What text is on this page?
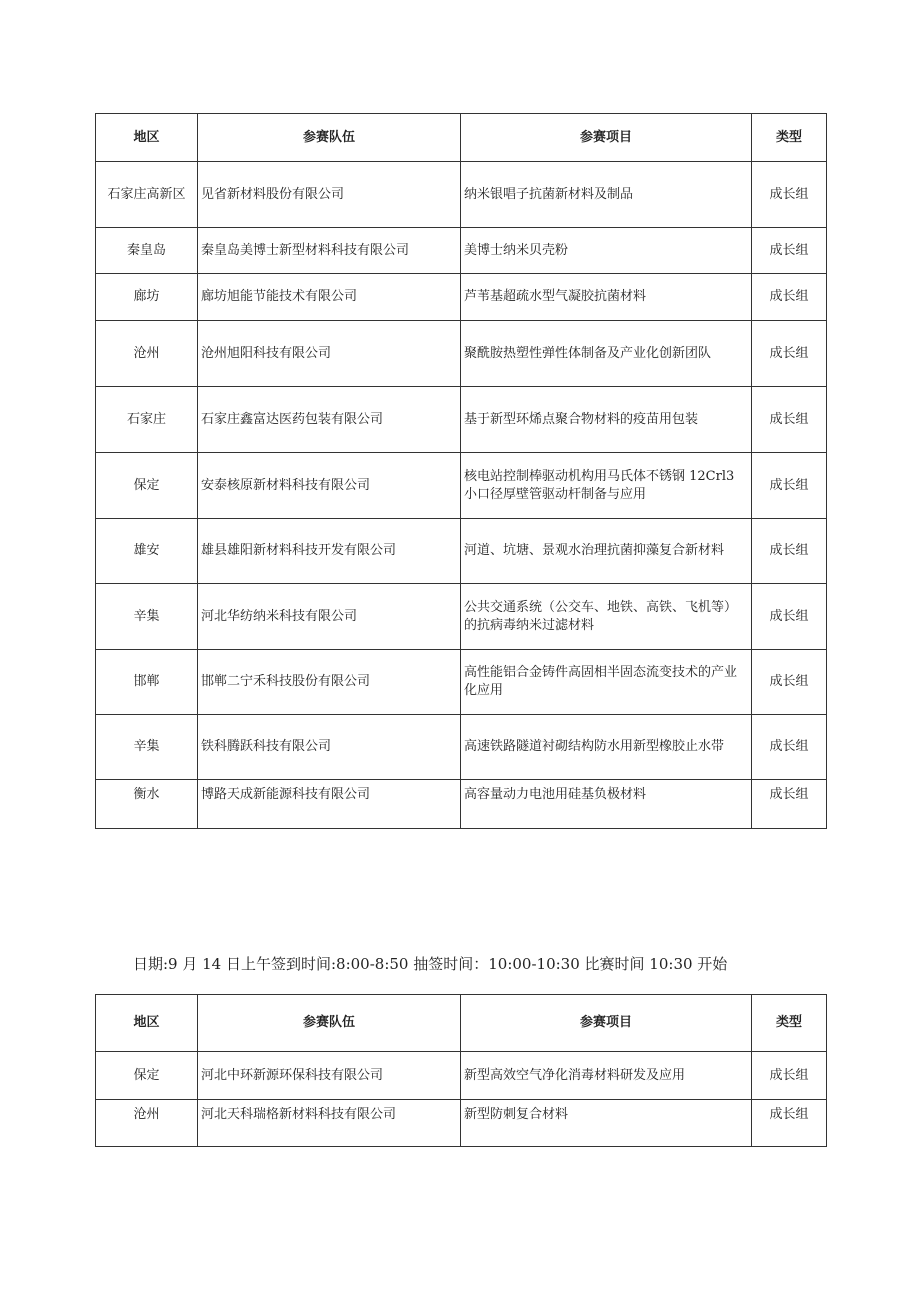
地区	参赛队伍	参赛项目	类型
石家庄高新区	见省新材料股份有限公司	纳米银唱子抗菌新材料及制品	成长组
秦皇岛	秦皇岛美博士新型材料科技有限公司	美博士纳米贝壳粉	成长组
廊坊	廊坊旭能节能技术有限公司	芦苇基超疏水型气凝胶抗菌材料	成长组
沧州	沧州旭阳科技有限公司	聚酰胺热塑性弹性体制备及产业化创新团队	成长组
石家庄	石家庄鑫富达医药包装有限公司	基于新型环烯点聚合物材料的疫苗用包装	成长组
保定	安泰核原新材料科技有限公司	核电站控制棒驱动机构用马氏体不锈钢 12Crl3 小口径厚壁管驱动杆制备与应用	成长组
雄安	雄县雄阳新材料科技开发有限公司	河道、坑塘、景观水治理抗菌抑藻复合新材料	成长组
辛集	河北华纺纳米科技有限公司	公共交通系统（公交车、地铁、高铁、飞机等）的抗病毒纳米过滤材料	成长组
邯郸	邯郸二宁禾科技股份有限公司	高性能铝合金铸件高固相半固态流变技术的产业化应用	成长组
辛集	铁科腾跃科技有限公司	高速铁路隧道衬砌结构防水用新型橡胶止水带	成长组
衡水	博路天成新能源科技有限公司	高容量动力电池用硅基负极材料	成长组
日期:9 月 14 日上午签到时间:8:00-8:50 抽签时间：10:00-10:30 比赛时间 10:30 开始
地区	参赛队伍	参赛项目	类型
保定	河北中环新源环保科技有限公司	新型高效空气净化消毒材料研发及应用	成长组
沧州	河北天科瑞格新材料科技有限公司	新型防刺复合材料	成长组
